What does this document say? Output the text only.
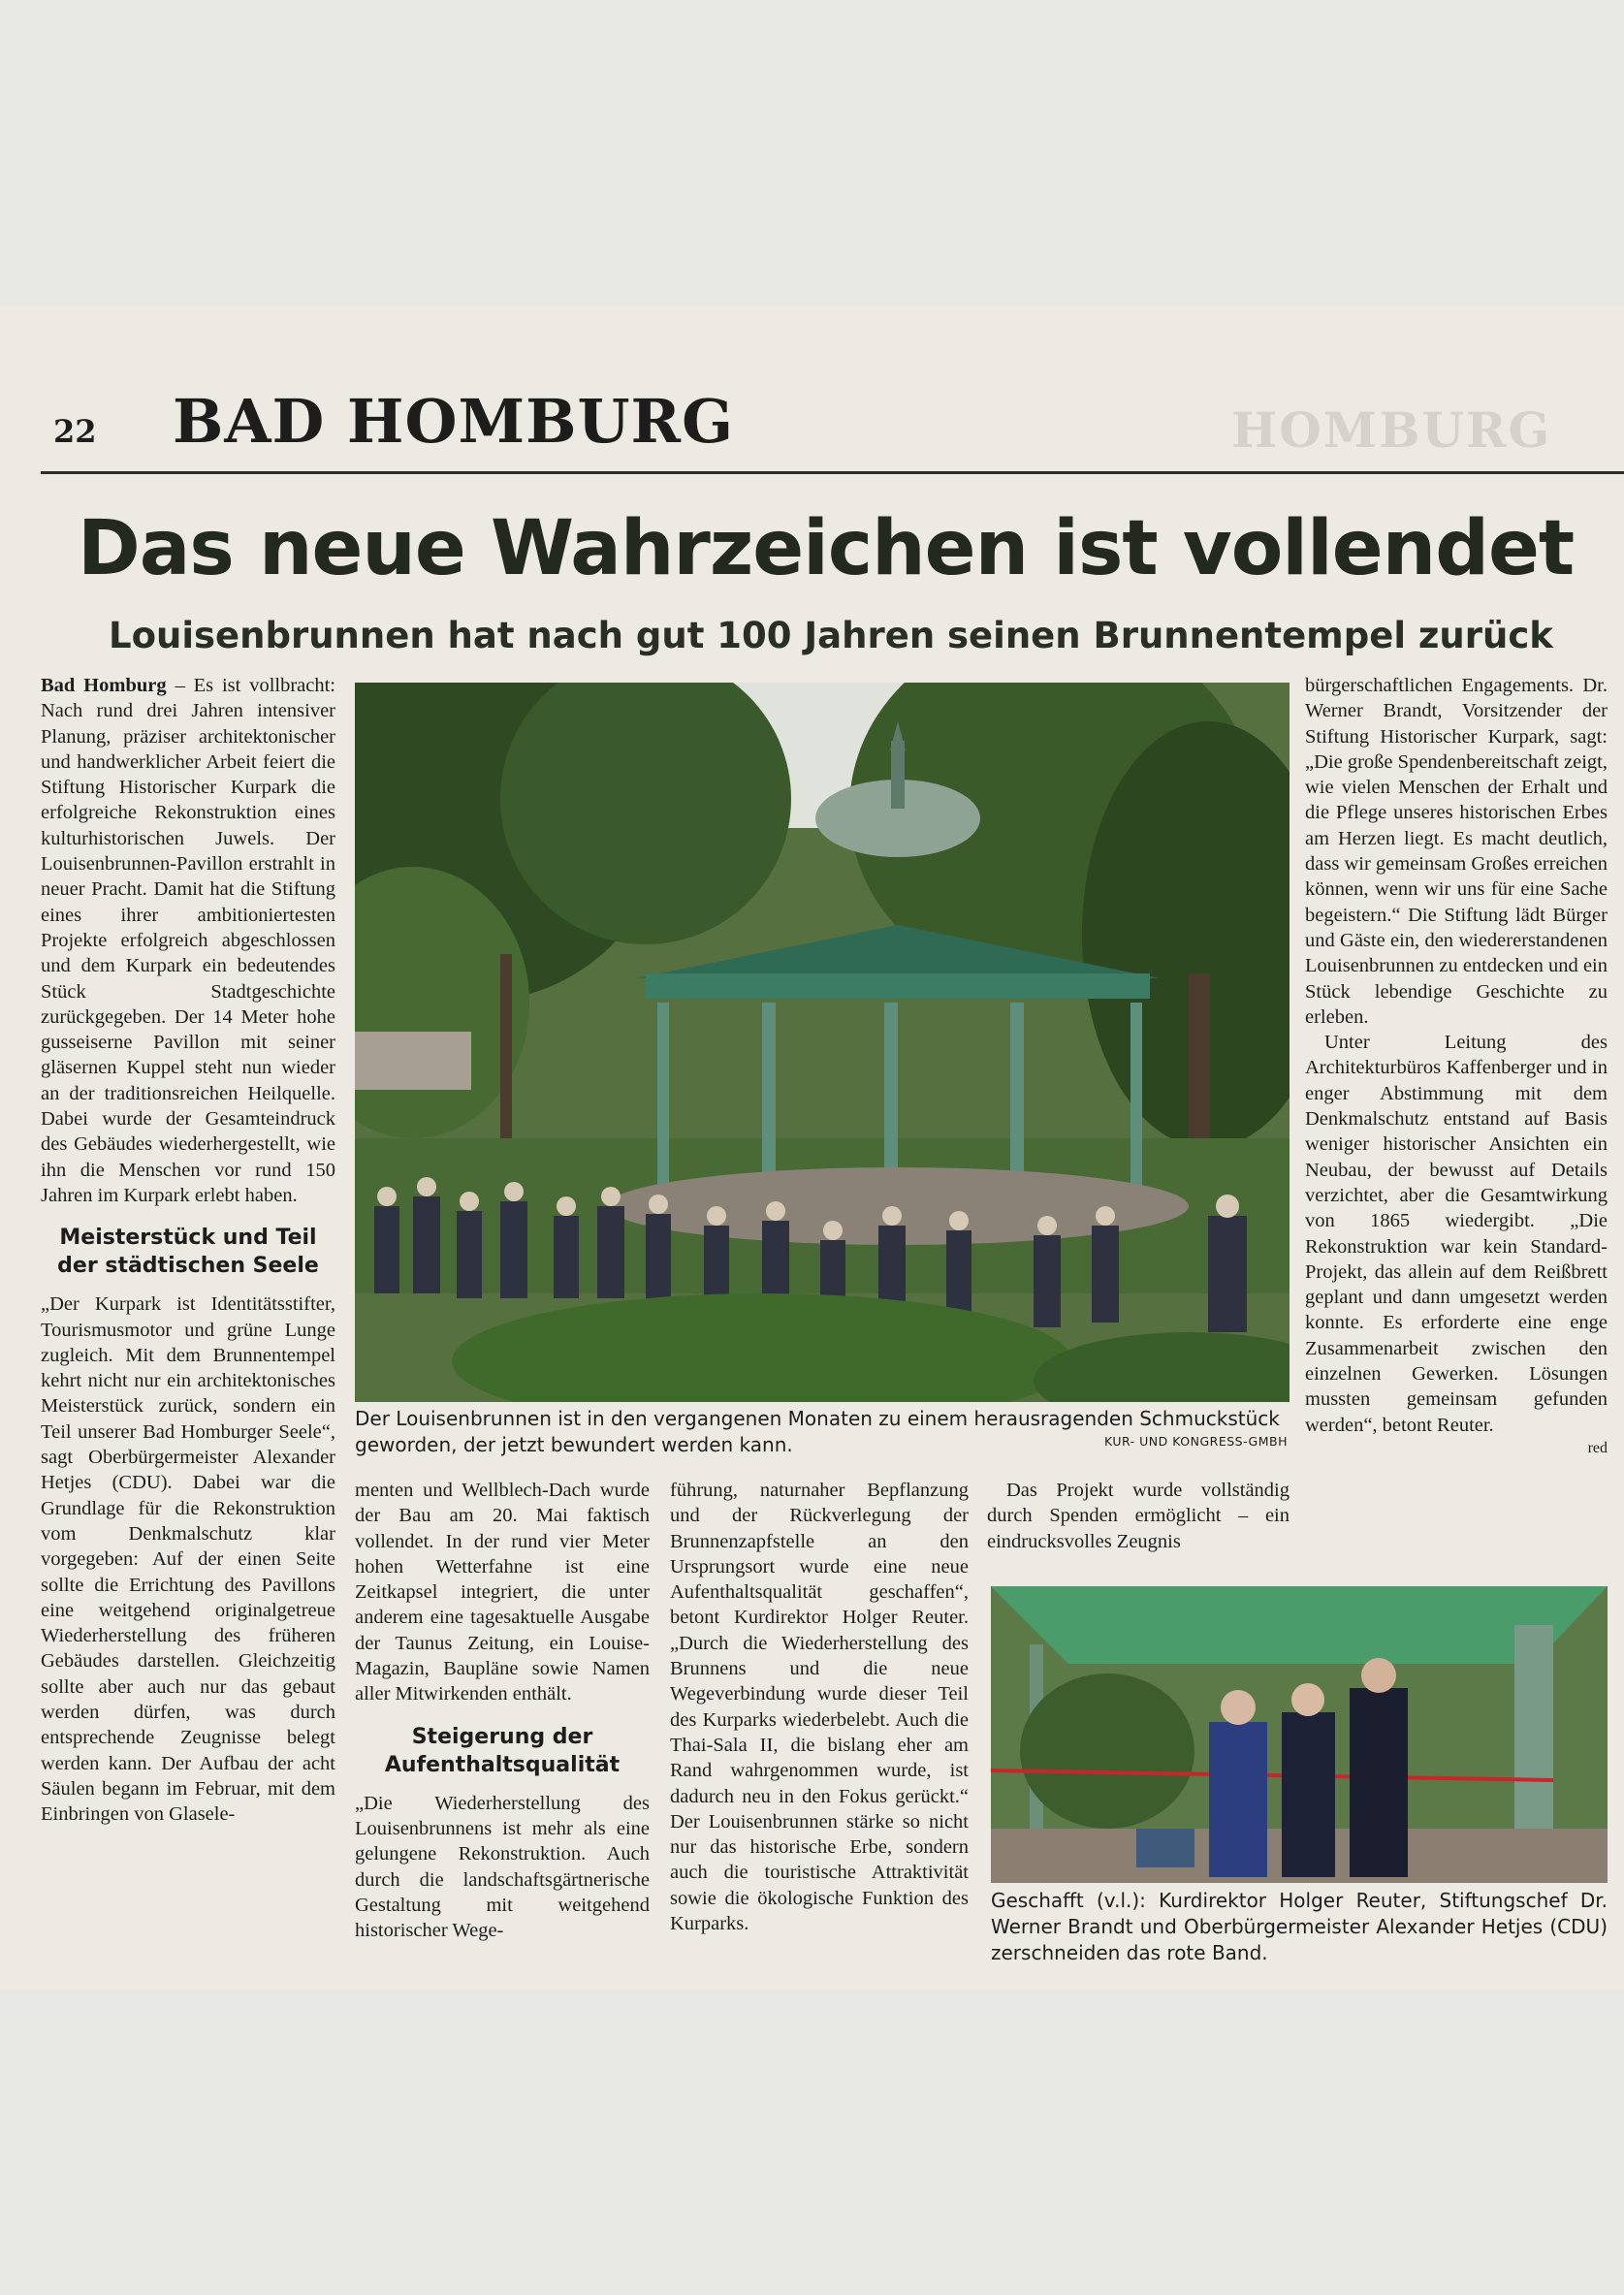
22 BAD HOMBURG	HOMBURG
Das neue Wahrzeichen ist vollendet
Louisenbrunnen hat nach gut 100 Jahren seinen Brunnentempel zurück

Bad Homburg – Es ist vollbracht: Nach rund drei Jahren intensiver Planung, präziser architektonischer und handwerklicher Arbeit feiert die Stiftung Historischer Kurpark die erfolgreiche Rekonstruktion eines kulturhistorischen Juwels. Der Louisenbrunnen-Pavillon erstrahlt in neuer Pracht. Damit hat die Stiftung eines ihrer ambitioniertesten Projekte erfolgreich abgeschlossen und dem Kurpark ein bedeutendes Stück Stadtgeschichte zurückgegeben. Der 14 Meter hohe gusseiserne Pavillon mit seiner gläsernen Kuppel steht nun wieder an der traditionsreichen Heilquelle. Dabei wurde der Gesamteindruck des Gebäudes wiederhergestellt, wie ihn die Menschen vor rund 150 Jahren im Kurpark erlebt haben.

Meisterstück und Teil der städtischen Seele

„Der Kurpark ist Identitätsstifter, Tourismusmotor und grüne Lunge zugleich. Mit dem Brunnentempel kehrt nicht nur ein architektonisches Meisterstück zurück, sondern ein Teil unserer Bad Homburger Seele“, sagt Oberbürgermeister Alexander Hetjes (CDU). Dabei war die Grundlage für die Rekonstruktion vom Denkmalschutz klar vorgegeben: Auf der einen Seite sollte die Errichtung des Pavillons eine weitgehend originalgetreue Wiederherstellung des früheren Gebäudes darstellen. Gleichzeitig sollte aber auch nur das gebaut werden dürfen, was durch entsprechende Zeugnisse belegt werden kann. Der Aufbau der acht Säulen begann im Februar, mit dem Einbringen von Glasele-

Der Louisenbrunnen ist in den vergangenen Monaten zu einem herausragenden Schmuckstück geworden, der jetzt bewundert werden kann.	KUR- UND KONGRESS-GMBH

menten und Wellblech-Dach wurde der Bau am 20. Mai faktisch vollendet. In der rund vier Meter hohen Wetterfahne ist eine Zeitkapsel integriert, die unter anderem eine tagesaktuelle Ausgabe der Taunus Zeitung, ein Louise-Magazin, Baupläne sowie Namen aller Mitwirkenden enthält.

Steigerung der Aufenthaltsqualität

„Die Wiederherstellung des Louisenbrunnens ist mehr als eine gelungene Rekonstruktion. Auch durch die landschaftsgärtnerische Gestaltung mit weitgehend historischer Wege-

führung, naturnaher Bepflanzung und der Rückverlegung der Brunnenzapfstelle an den Ursprungsort wurde eine neue Aufenthaltsqualität geschaffen“, betont Kurdirektor Holger Reuter. „Durch die Wiederherstellung des Brunnens und die neue Wegeverbindung wurde dieser Teil des Kurparks wiederbelebt. Auch die Thai-Sala II, die bislang eher am Rand wahrgenommen wurde, ist dadurch neu in den Fokus gerückt.“ Der Louisenbrunnen stärke so nicht nur das historische Erbe, sondern auch die touristische Attraktivität sowie die ökologische Funktion des Kurparks.

Das Projekt wurde vollständig durch Spenden ermöglicht – ein eindrucksvolles Zeugnis

bürgerschaftlichen Engagements. Dr. Werner Brandt, Vorsitzender der Stiftung Historischer Kurpark, sagt: „Die große Spendenbereitschaft zeigt, wie vielen Menschen der Erhalt und die Pflege unseres historischen Erbes am Herzen liegt. Es macht deutlich, dass wir gemeinsam Großes erreichen können, wenn wir uns für eine Sache begeistern.“ Die Stiftung lädt Bürger und Gäste ein, den wiedererstandenen Louisenbrunnen zu entdecken und ein Stück lebendige Geschichte zu erleben.

Unter Leitung des Architekturbüros Kaffenberger und in enger Abstimmung mit dem Denkmalschutz entstand auf Basis weniger historischer Ansichten ein Neubau, der bewusst auf Details verzichtet, aber die Gesamtwirkung von 1865 wiedergibt. „Die Rekonstruktion war kein Standard-Projekt, das allein auf dem Reißbrett geplant und dann umgesetzt werden konnte. Es erforderte eine enge Zusammenarbeit zwischen den einzelnen Gewerken. Lösungen mussten gemeinsam gefunden werden“, betont Reuter.

red
Geschafft (v.l.): Kurdirektor Holger Reuter, Stiftungschef Dr. Werner Brandt und Oberbürgermeister Alexander Hetjes (CDU) zerschneiden das rote Band.
